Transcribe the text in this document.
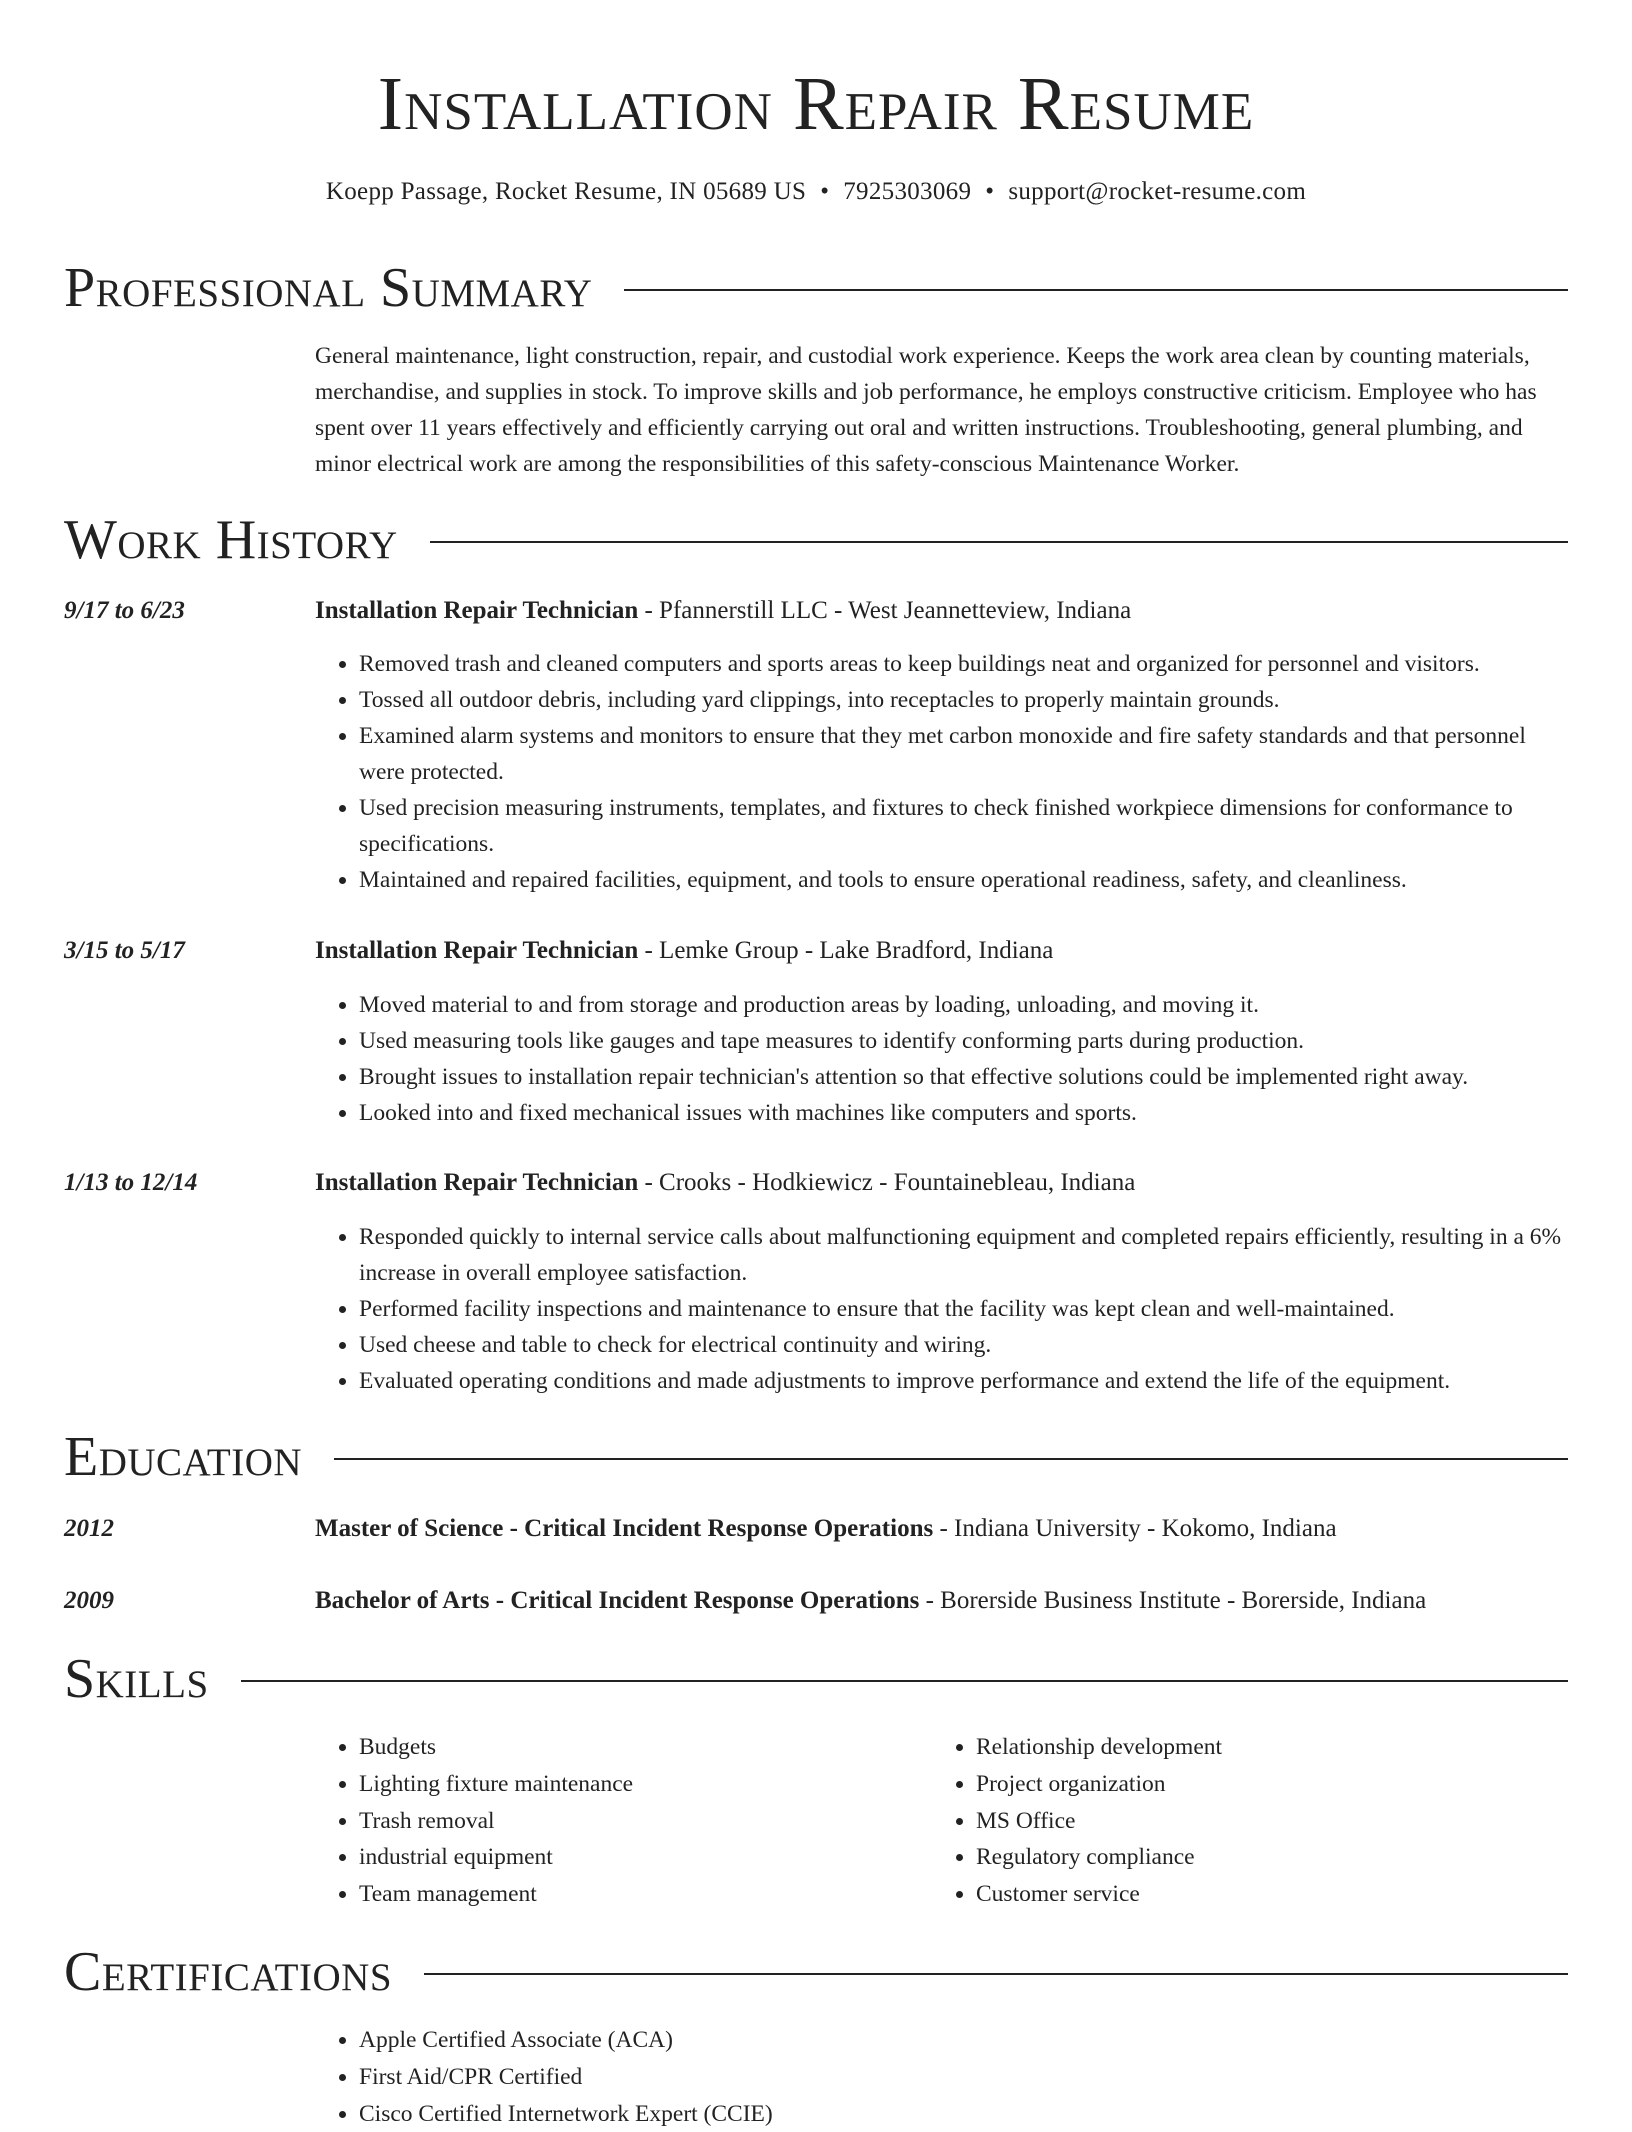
Installation Repair Resume
Koepp Passage, Rocket Resume, IN 05689 US • 7925303069 • support@rocket-resume.com
Professional Summary

General maintenance, light construction, repair, and custodial work experience. Keeps the work area clean by counting materials, merchandise, and supplies in stock. To improve skills and job performance, he employs constructive criticism. Employee who has spent over 11 years effectively and efficiently carrying out oral and written instructions. Troubleshooting, general plumbing, and minor electrical work are among the responsibilities of this safety-conscious Maintenance Worker.

Work History
9/17 to 6/23	Installation Repair Technician - Pfannerstill LLC - West Jeannetteview, Indiana
• Removed trash and cleaned computers and sports areas to keep buildings neat and organized for personnel and visitors.
• Tossed all outdoor debris, including yard clippings, into receptacles to properly maintain grounds.
• Examined alarm systems and monitors to ensure that they met carbon monoxide and fire safety standards and that personnel were protected.
• Used precision measuring instruments, templates, and fixtures to check finished workpiece dimensions for conformance to specifications.
• Maintained and repaired facilities, equipment, and tools to ensure operational readiness, safety, and cleanliness.
3/15 to 5/17	Installation Repair Technician - Lemke Group - Lake Bradford, Indiana
• Moved material to and from storage and production areas by loading, unloading, and moving it.
• Used measuring tools like gauges and tape measures to identify conforming parts during production.
• Brought issues to installation repair technician's attention so that effective solutions could be implemented right away.
• Looked into and fixed mechanical issues with machines like computers and sports.
1/13 to 12/14	Installation Repair Technician - Crooks - Hodkiewicz - Fountainebleau, Indiana
• Responded quickly to internal service calls about malfunctioning equipment and completed repairs efficiently, resulting in a 6% increase in overall employee satisfaction.
• Performed facility inspections and maintenance to ensure that the facility was kept clean and well-maintained.
• Used cheese and table to check for electrical continuity and wiring.
• Evaluated operating conditions and made adjustments to improve performance and extend the life of the equipment.
Education
2012	Master of Science - Critical Incident Response Operations - Indiana University - Kokomo, Indiana
2009	Bachelor of Arts - Critical Incident Response Operations - Borerside Business Institute - Borerside, Indiana
Skills
• Budgets
• Lighting fixture maintenance
• Trash removal
• industrial equipment
• Team management
• Relationship development
• Project organization
• MS Office
• Regulatory compliance
• Customer service
Certifications
• Apple Certified Associate (ACA)
• First Aid/CPR Certified
• Cisco Certified Internetwork Expert (CCIE)
